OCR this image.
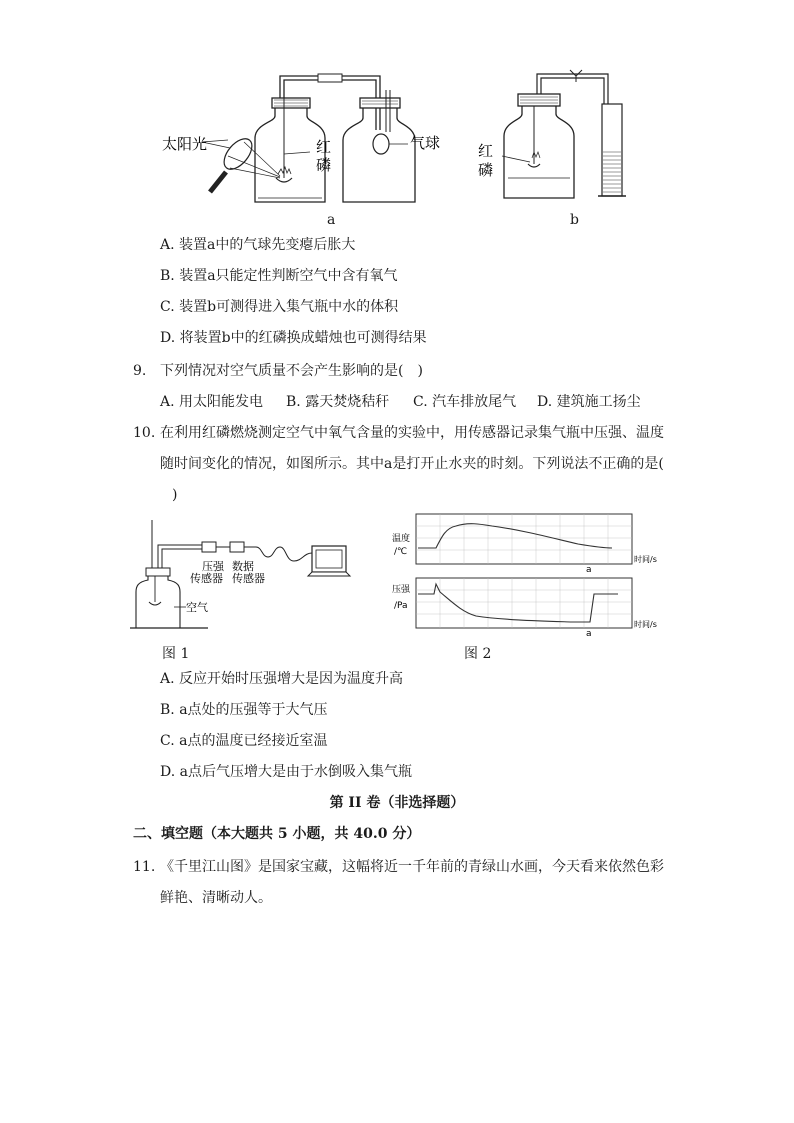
太阳光	红
磷
气球
a
红
磷
b
A. 装置a中的气球先变瘪后胀大
B. 装置a只能定性判断空气中含有氧气
C. 装置b可测得进入集气瓶中水的体积
D. 将装置b中的红磷换成蜡烛也可测得结果
9. 下列情况对空气质量不会产生影响的是(　)
A. 用太阳能发电 B. 露天焚烧秸秆 C. 汽车排放尾气 D. 建筑施工扬尘
10. 在利用红磷燃烧测定空气中氧气含量的实验中，用传感器记录集气瓶中压强、温度
随时间变化的情况，如图所示。其中a是打开止水夹的时刻。下列说法不正确的是(
)
压强
传感器
数据
传感器
空气
图 1
温度
/℃
时间/s
a
压强
/Pa
时间/s
a
图 2
A. 反应开始时压强增大是因为温度升高
B. a点处的压强等于大气压
C. a点的温度已经接近室温
D. a点后气压增大是由于水倒吸入集气瓶
第 II 卷（非选择题）
二、填空题（本大题共 5 小题，共 40.0 分）
11. 《千里江山图》是国家宝藏，这幅将近一千年前的青绿山水画，今天看来依然色彩
鲜艳、清晰动人。
